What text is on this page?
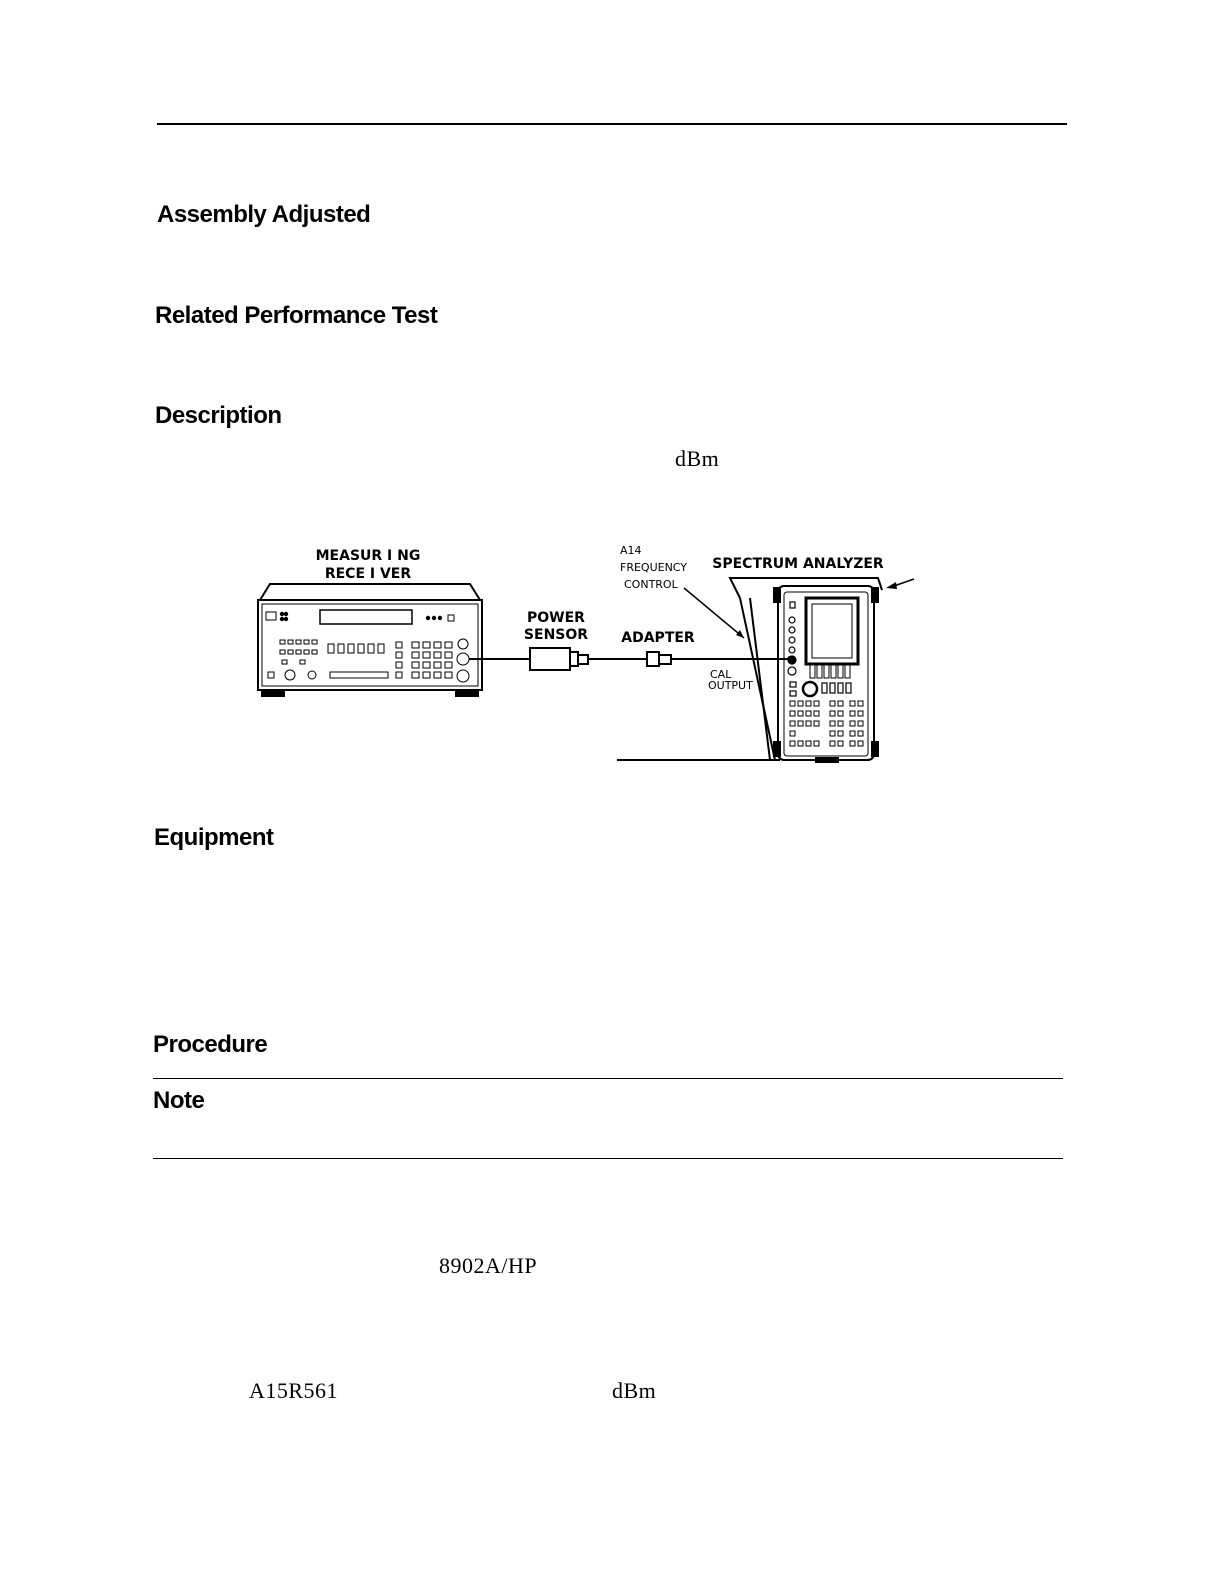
Assembly Adjusted
Related Performance Test
Description
dBm
MEASUR I NG
RECE I VER
POWER
SENSOR ADAPTER
A14
FREQUENCY
CONTROL
SPECTRUM ANALYZER
CAL
OUTPUT
Equipment
Procedure
Note
8902A/HP
A15R561	dBm
